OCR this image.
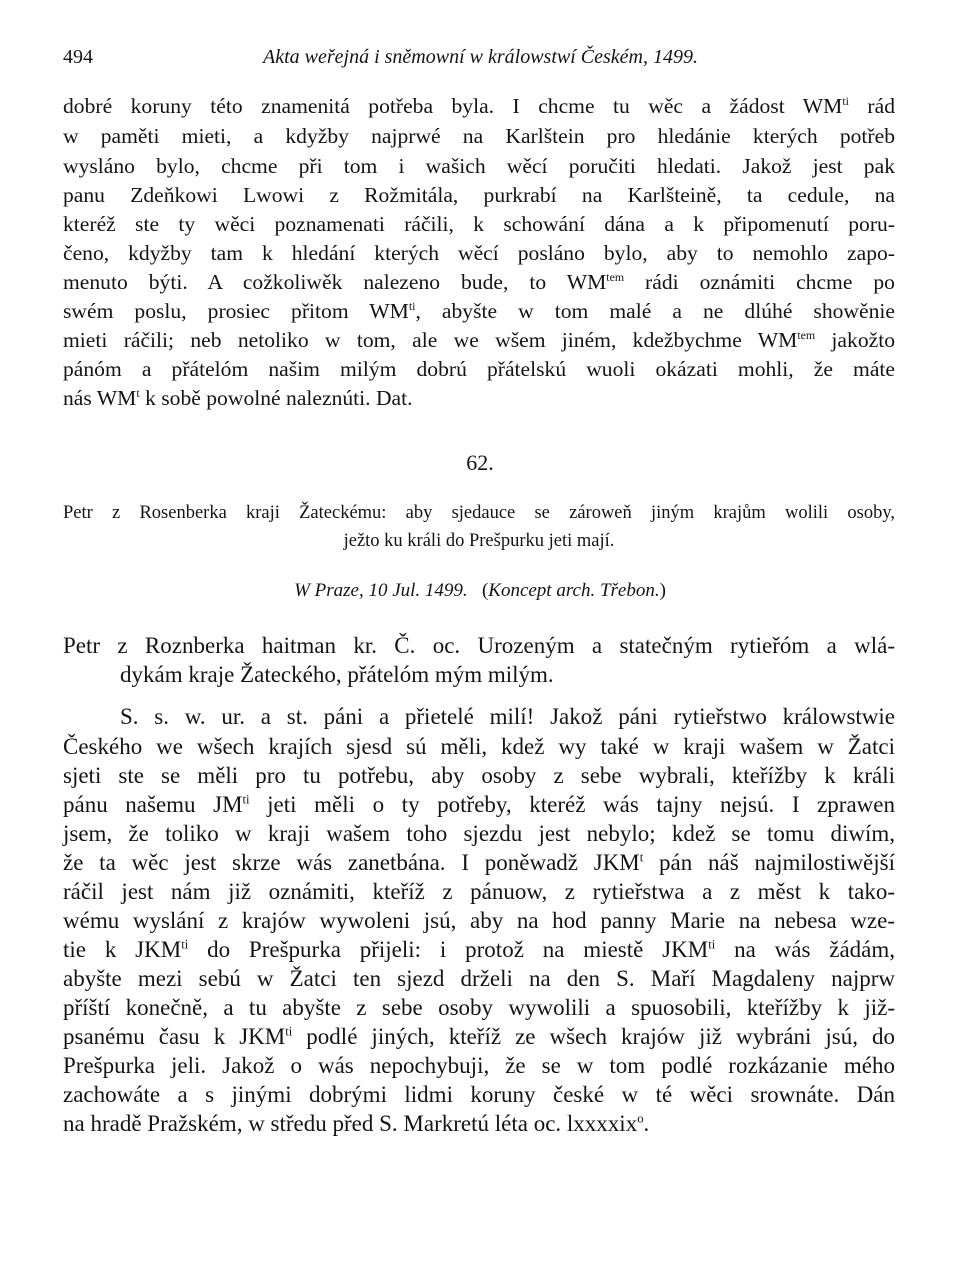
494	Akta weřejná i sněmowní w králowstwí Českém, 1499.
dobré koruny této znamenitá potřeba byla. I chcme tu wěc a žádost $WM^{ti}$ rád
w paměti mieti, a kdyžby najprwé na Karlštein pro hledánie kterých potřeb
wysláno bylo, chcme při tom i wašich wěcí poručiti hledati. Jakož jest pak
panu Zdeňkowi Lwowi z Rožmitála, purkrabí na Karlšteině, ta cedule, na
kteréž ste ty wěci poznamenati ráčili, k schowání dána a k připomenutí poru-
čeno, kdyžby tam k hledání kterých wěcí posláno bylo, aby to nemohlo zapo-
menuto býti. A cožkoliwěk nalezeno bude, to $WM^{tem}$ rádi oznámiti chcme po
swém poslu, prosiec přitom $WM^{ti}$, abyšte w tom malé a ne dlúhé showěnie
mieti ráčili; neb netoliko w tom, ale we wšem jiném, kdežbychme $WM^{tem}$ jakožto
pánóm a přátelóm našim milým dobrú přátelskú wuoli okázati mohli, že máte
nás $WM^t$ k sobě powolné naleznúti. Dat.
62.
Petr z Rosenberka kraji Žateckému: aby sjedauce se zároweň jiným krajům wolili osoby,
ježto ku králi do Prešpurku jeti mají.
W Praze, 10 Jul. 1499. (Koncept arch. Třebon.)
Petr z Roznberka haitman kr. Č. oc. Urozeným a statečným rytieřóm a wlá-
dykám kraje Žateckého, přátelóm mým milým.
S. s. w. ur. a st. páni a přietelé milí! Jakož páni rytieřstwo králowstwie
Českého we wšech krajích sjesd sú měli, kdež wy také w kraji wašem w Žatci
sjeti ste se měli pro tu potřebu, aby osoby z sebe wybrali, kteřížby k králi
pánu našemu $JM^{ti}$ jeti měli o ty potřeby, kteréž wás tajny nejsú. I zprawen
jsem, že toliko w kraji wašem toho sjezdu jest nebylo; kdež se tomu diwím,
že ta wěc jest skrze wás zanetbána. I poněwadž JKM$^t$ pán náš najmilostiwější
ráčil jest nám již oznámiti, kteříž z pánuow, z rytieřstwa a z měst k tako-
wému wyslání z krajów wywoleni jsú, aby na hod panny Marie na nebesa wze-
tie k $JKM^{ti}$ do Prešpurka přijeli: i protož na miestě $JKM^{ti}$ na wás žádám,
abyšte mezi sebú w Žatci ten sjezd drželi na den S. Maří Magdaleny najprw
příští konečně, a tu abyšte z sebe osoby wywolili a spuosobili, kteřížby k již-
psanému času k $JKM^{ti}$ podlé jiných, kteříž ze wšech krajów již wybráni jsú, do
Prešpurka jeli. Jakož o wás nepochybuji, že se w tom podlé rozkázanie mého
zachowáte a s jinými dobrými lidmi koruny české w té wěci srownáte. Dán
na hradě Pražském, w středu před S. Markretú léta oc. lxxxxix$^o$.
